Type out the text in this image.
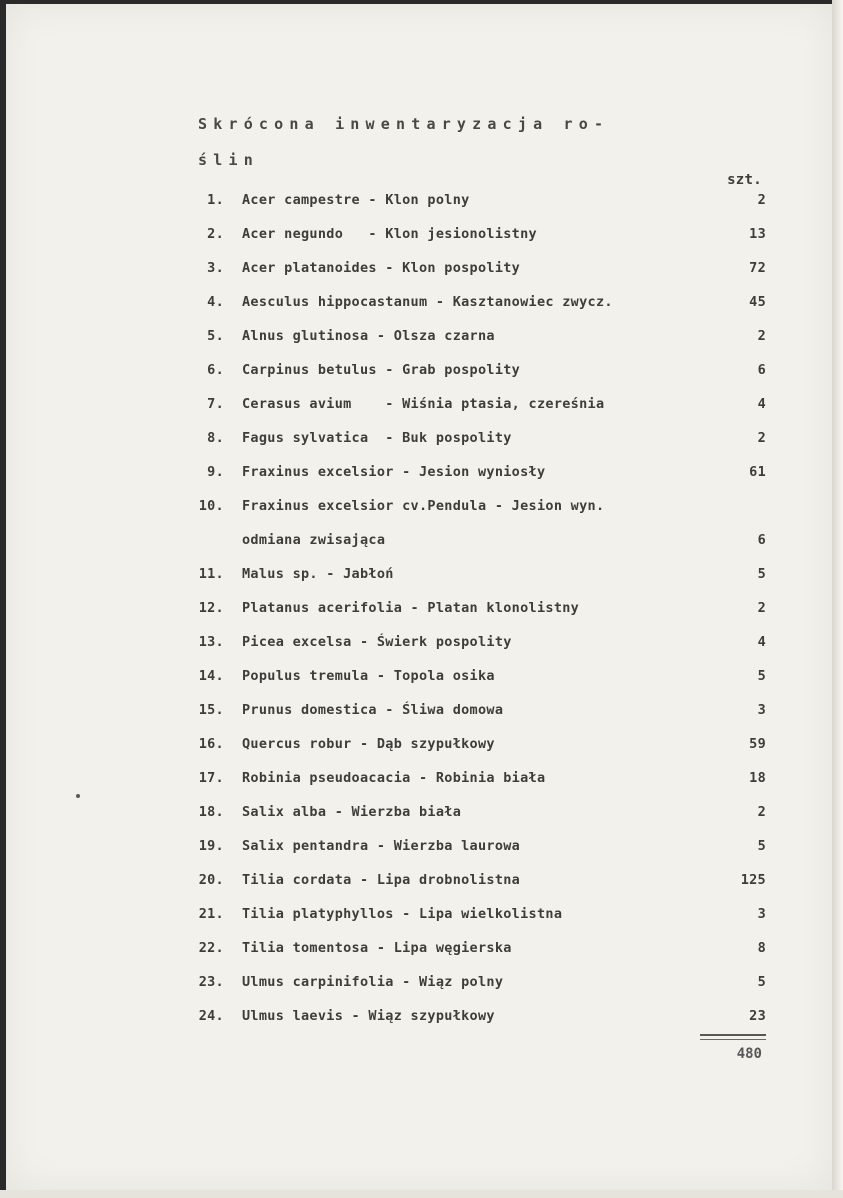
Skrócona inwentaryzacja ro-
ślin
szt.
1. Acer campestre - Klon polny	2
2. Acer negundo   - Klon jesionolistny	13
3. Acer platanoides - Klon pospolity	72
4. Aesculus hippocastanum - Kasztanowiec zwycz.	45
5. Alnus glutinosa - Olsza czarna	2
6. Carpinus betulus - Grab pospolity	6
7. Cerasus avium    - Wiśnia ptasia, czereśnia	4
8. Fagus sylvatica  - Buk pospolity	2
9. Fraxinus excelsior - Jesion wyniosły	61
10. Fraxinus excelsior cv.Pendula - Jesion wyn.
odmiana zwisająca	6
11. Malus sp. - Jabłoń	5
12. Platanus acerifolia - Platan klonolistny	2
13. Picea excelsa - Świerk pospolity	4
14. Populus tremula - Topola osika	5
15. Prunus domestica - Śliwa domowa	3
16. Quercus robur - Dąb szypułkowy	59
17. Robinia pseudoacacia - Robinia biała	18
18. Salix alba - Wierzba biała	2
19. Salix pentandra - Wierzba laurowa	5
20. Tilia cordata - Lipa drobnolistna	125
21. Tilia platyphyllos - Lipa wielkolistna	3
22. Tilia tomentosa - Lipa węgierska	8
23. Ulmus carpinifolia - Wiąz polny	5
24. Ulmus laevis - Wiąz szypułkowy	23
480
